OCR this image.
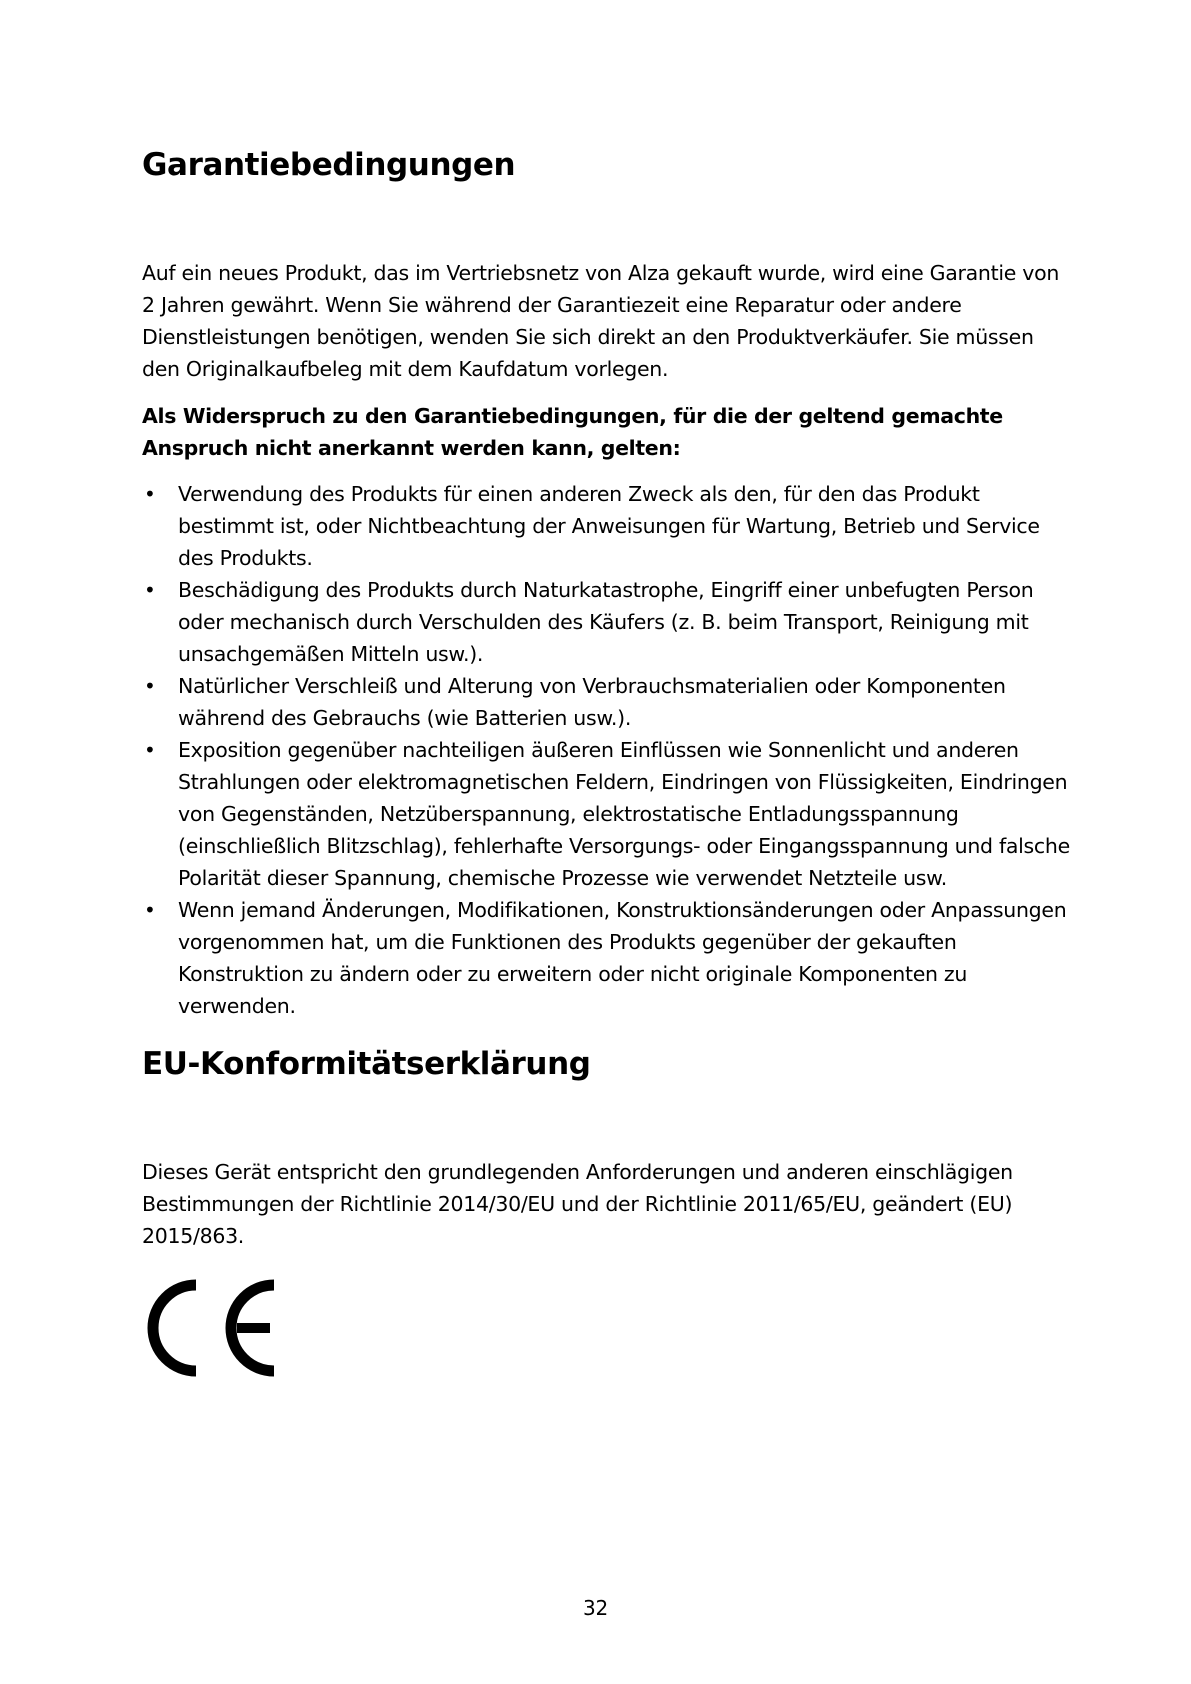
Garantiebedingungen

Auf ein neues Produkt, das im Vertriebsnetz von Alza gekauft wurde, wird eine Garantie von 2 Jahren gewährt. Wenn Sie während der Garantiezeit eine Reparatur oder andere Dienstleistungen benötigen, wenden Sie sich direkt an den Produktverkäufer. Sie müssen den Originalkaufbeleg mit dem Kaufdatum vorlegen.

Als Widerspruch zu den Garantiebedingungen, für die der geltend gemachte Anspruch nicht anerkannt werden kann, gelten:

• Verwendung des Produkts für einen anderen Zweck als den, für den das Produkt bestimmt ist, oder Nichtbeachtung der Anweisungen für Wartung, Betrieb und Service des Produkts.
• Beschädigung des Produkts durch Naturkatastrophe, Eingriff einer unbefugten Person oder mechanisch durch Verschulden des Käufers (z. B. beim Transport, Reinigung mit unsachgemäßen Mitteln usw.).
• Natürlicher Verschleiß und Alterung von Verbrauchsmaterialien oder Komponenten während des Gebrauchs (wie Batterien usw.).
• Exposition gegenüber nachteiligen äußeren Einflüssen wie Sonnenlicht und anderen Strahlungen oder elektromagnetischen Feldern, Eindringen von Flüssigkeiten, Eindringen von Gegenständen, Netzüberspannung, elektrostatische Entladungsspannung (einschließlich Blitzschlag), fehlerhafte Versorgungs- oder Eingangsspannung und falsche Polarität dieser Spannung, chemische Prozesse wie verwendet Netzteile usw.
• Wenn jemand Änderungen, Modifikationen, Konstruktionsänderungen oder Anpassungen vorgenommen hat, um die Funktionen des Produkts gegenüber der gekauften Konstruktion zu ändern oder zu erweitern oder nicht originale Komponenten zu verwenden.
EU-Konformitätserklärung

Dieses Gerät entspricht den grundlegenden Anforderungen und anderen einschlägigen Bestimmungen der Richtlinie 2014/30/EU und der Richtlinie 2011/65/EU, geändert (EU) 2015/863.

32
